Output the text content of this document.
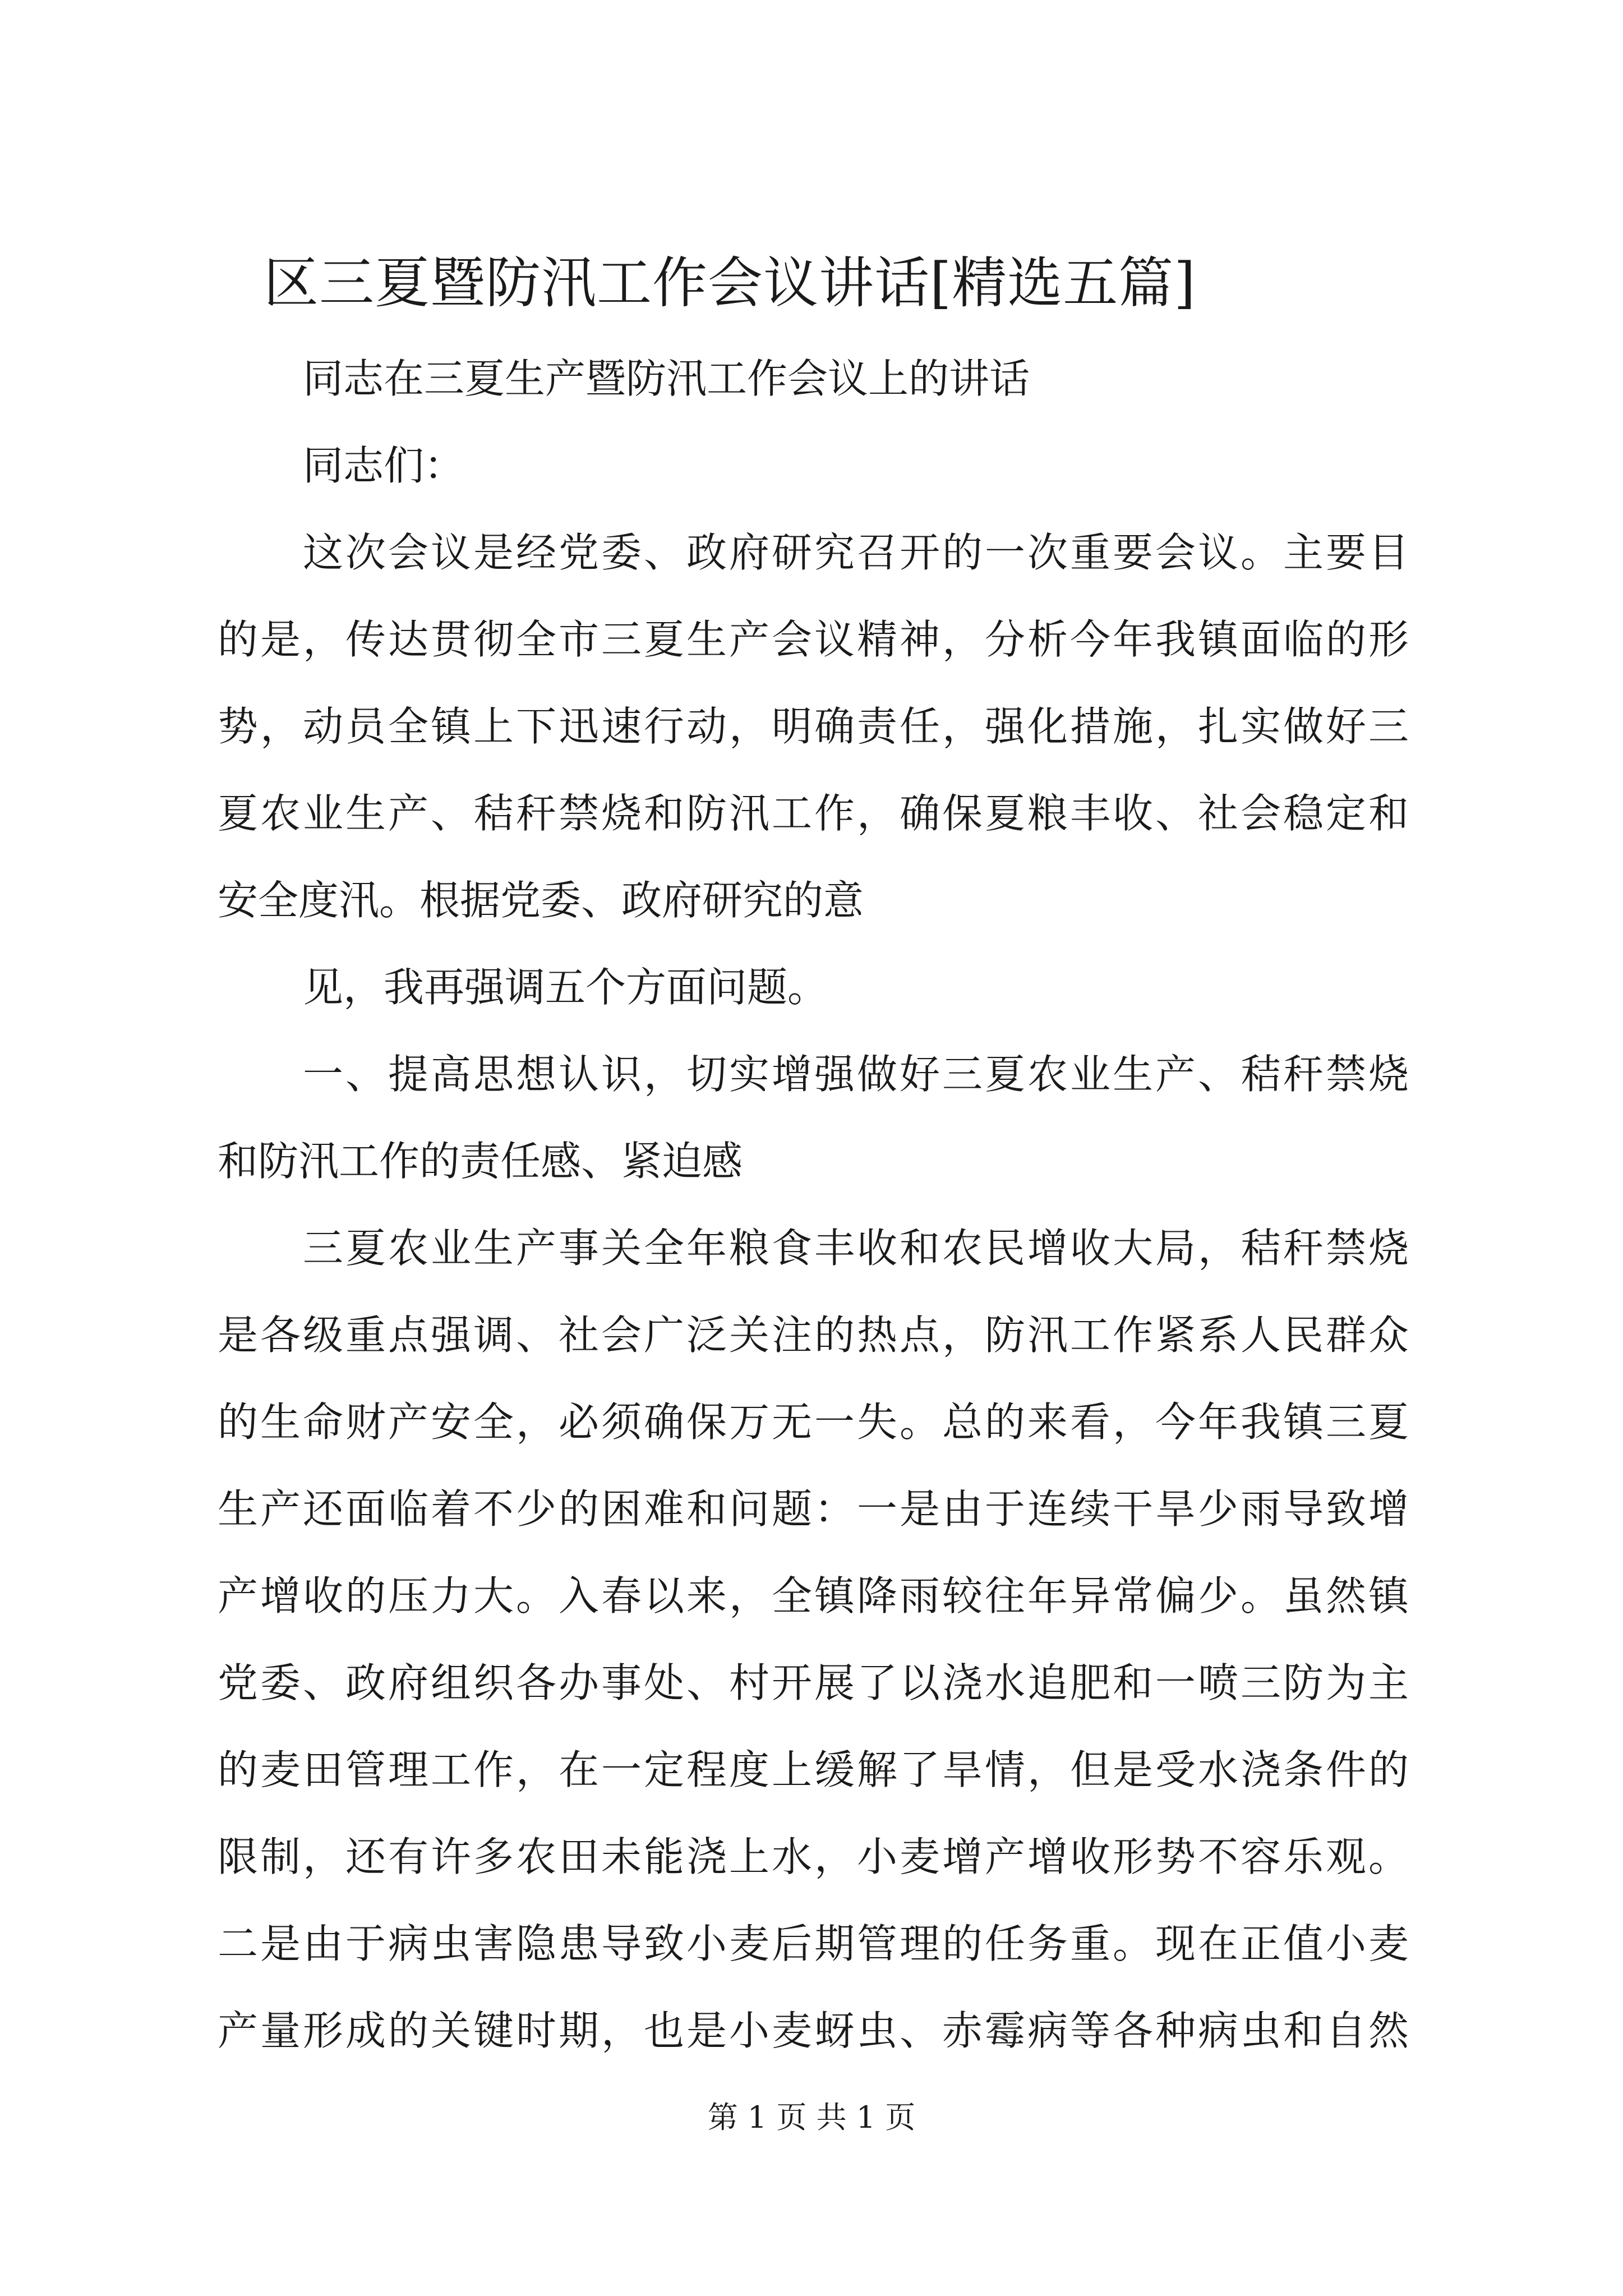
区三夏暨防汛工作会议讲话[精选五篇]
同志在三夏生产暨防汛工作会议上的讲话
同志们：
这次会议是经党委、政府研究召开的一次重要会议。主要目
的是，传达贯彻全市三夏生产会议精神，分析今年我镇面临的形
势，动员全镇上下迅速行动，明确责任，强化措施，扎实做好三
夏农业生产、秸秆禁烧和防汛工作，确保夏粮丰收、社会稳定和
安全度汛。根据党委、政府研究的意
见，我再强调五个方面问题。
一、提高思想认识，切实增强做好三夏农业生产、秸秆禁烧
和防汛工作的责任感、紧迫感
三夏农业生产事关全年粮食丰收和农民增收大局，秸秆禁烧
是各级重点强调、社会广泛关注的热点，防汛工作紧系人民群众
的生命财产安全，必须确保万无一失。总的来看，今年我镇三夏
生产还面临着不少的困难和问题：一是由于连续干旱少雨导致增
产增收的压力大。入春以来，全镇降雨较往年异常偏少。虽然镇
党委、政府组织各办事处、村开展了以浇水追肥和一喷三防为主
的麦田管理工作，在一定程度上缓解了旱情，但是受水浇条件的
限制，还有许多农田未能浇上水，小麦增产增收形势不容乐观。
二是由于病虫害隐患导致小麦后期管理的任务重。现在正值小麦
产量形成的关键时期，也是小麦蚜虫、赤霉病等各种病虫和自然
第 1 页 共 1 页
